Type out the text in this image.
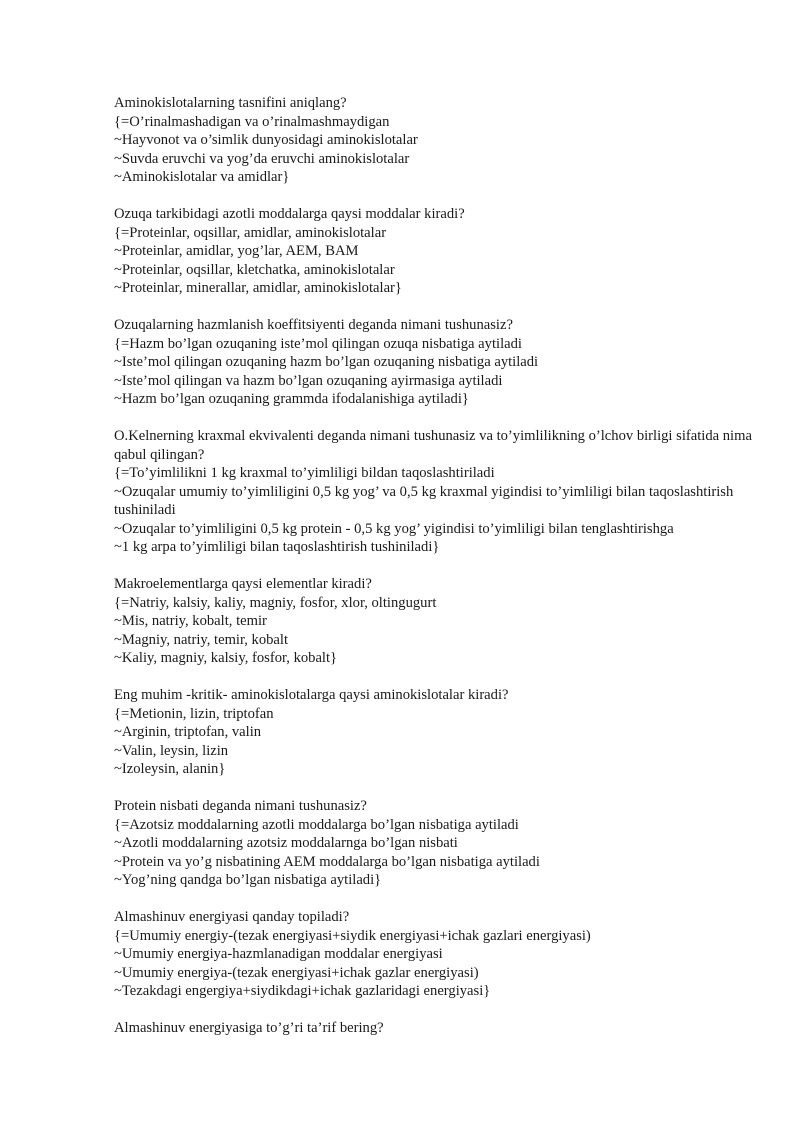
Aminokislotalarning tasnifini aniqlang?
{=O’rinalmashadigan va o’rinalmashmaydigan
~Hayvonot va o’simlik dunyosidagi aminokislotalar
~Suvda eruvchi va yog’da eruvchi aminokislotalar
~Aminokislotalar va amidlar}
Ozuqa tarkibidagi azotli moddalarga qaysi moddalar kiradi?
{=Proteinlar, oqsillar, amidlar, aminokislotalar
~Proteinlar, amidlar, yog’lar, AEM, BAM
~Proteinlar, oqsillar, kletchatka, aminokislotalar
~Proteinlar, minerallar, amidlar, aminokislotalar}
Ozuqalarning hazmlanish koeffitsiyenti deganda nimani tushunasiz?
{=Hazm bo’lgan ozuqaning iste’mol qilingan ozuqa nisbatiga aytiladi
~Iste’mol qilingan ozuqaning hazm bo’lgan ozuqaning nisbatiga aytiladi
~Iste’mol qilingan va hazm bo’lgan ozuqaning ayirmasiga aytiladi
~Hazm bo’lgan ozuqaning grammda ifodalanishiga aytiladi}
O.Kelnerning kraxmal ekvivalenti deganda nimani tushunasiz va to’yimlilikning o’lchov birligi sifatida nima qabul qilingan?
{=To’yimlilikni 1 kg kraxmal to’yimliligi bildan taqoslashtiriladi
~Ozuqalar umumiy to’yimliligini 0,5 kg yog’ va 0,5 kg kraxmal yigindisi to’yimliligi bilan taqoslashtirish tushiniladi
~Ozuqalar to’yimliligini 0,5 kg protein - 0,5 kg yog’ yigindisi to’yimliligi bilan tenglashtirishga
~1 kg arpa to’yimliligi bilan taqoslashtirish tushiniladi}
Makroelementlarga qaysi elementlar kiradi?
{=Natriy, kalsiy, kaliy, magniy, fosfor, xlor, oltingugurt
~Mis, natriy, kobalt, temir
~Magniy, natriy, temir, kobalt
~Kaliy, magniy, kalsiy, fosfor, kobalt}
Eng muhim -kritik- aminokislotalarga qaysi aminokislotalar kiradi?
{=Metionin, lizin, triptofan
~Arginin, triptofan, valin
~Valin, leysin, lizin
~Izoleysin, alanin}
Protein nisbati deganda nimani tushunasiz?
{=Azotsiz moddalarning azotli moddalarga bo’lgan nisbatiga aytiladi
~Azotli moddalarning azotsiz moddalarnga bo’lgan nisbati
~Protein va yo’g nisbatining AEM moddalarga bo’lgan nisbatiga aytiladi
~Yog’ning qandga bo’lgan nisbatiga aytiladi}
Almashinuv energiyasi qanday topiladi?
{=Umumiy energiy-(tezak energiyasi+siydik energiyasi+ichak gazlari energiyasi)
~Umumiy energiya-hazmlanadigan moddalar energiyasi
~Umumiy energiya-(tezak energiyasi+ichak gazlar energiyasi)
~Tezakdagi engergiya+siydikdagi+ichak gazlaridagi energiyasi}
Almashinuv energiyasiga to’g’ri ta’rif bering?
